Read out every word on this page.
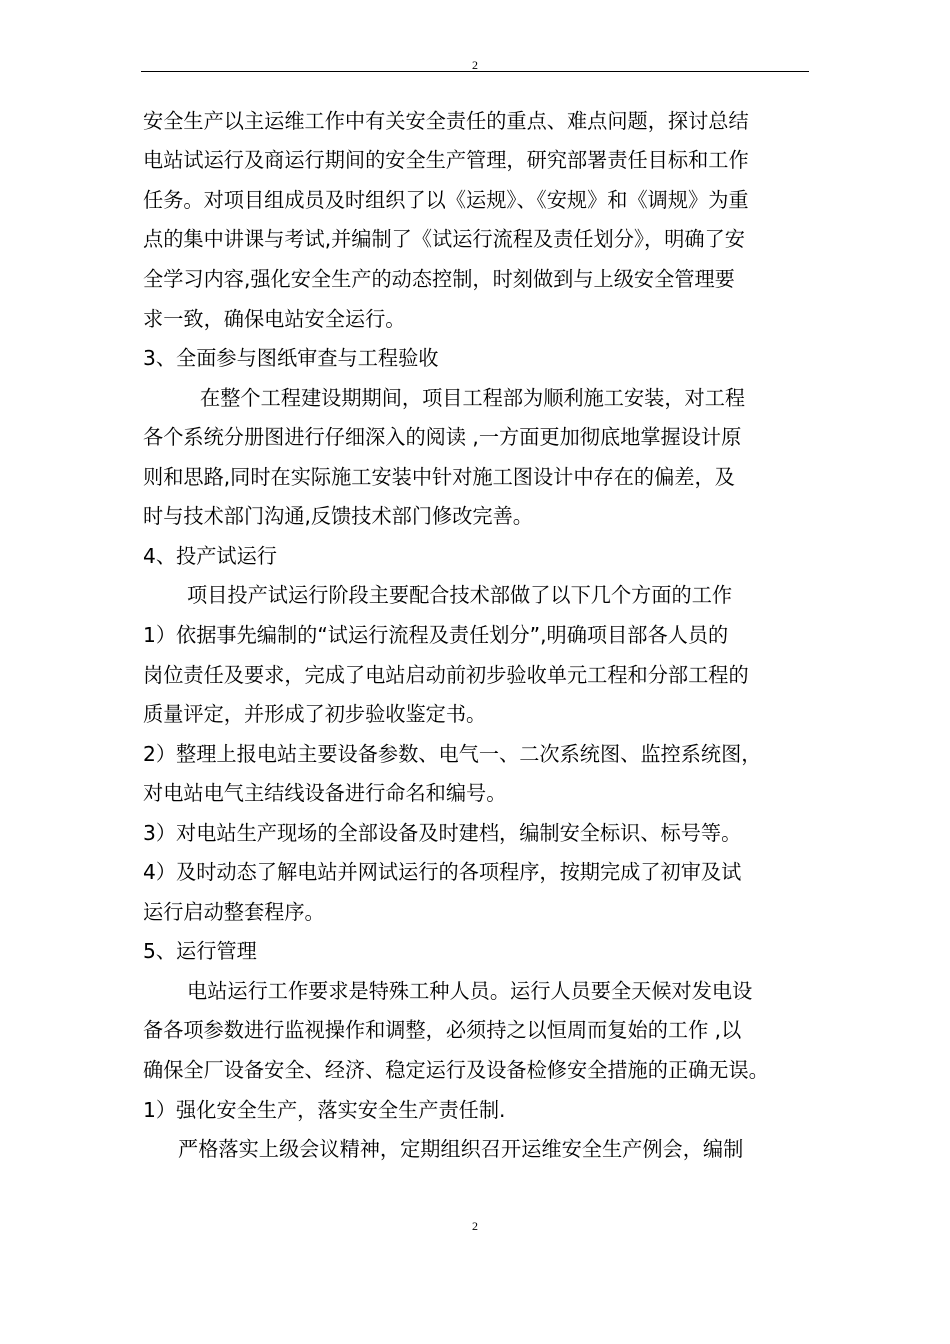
2
安全生产以主运维工作中有关安全责任的重点、难点问题，探讨总结
电站试运行及商运行期间的安全生产管理，研究部署责任目标和工作
任务。对项目组成员及时组织了以《运规》、《安规》和《调规》为重
点的集中讲课与考试,并编制了《试运行流程及责任划分》，明确了安
全学习内容,强化安全生产的动态控制，时刻做到与上级安全管理要
求一致，确保电站安全运行。
3、全面参与图纸审查与工程验收
在整个工程建设期期间，项目工程部为顺利施工安装，对工程
各个系统分册图进行仔细深入的阅读 ,一方面更加彻底地掌握设计原
则和思路,同时在实际施工安装中针对施工图设计中存在的偏差，及
时与技术部门沟通,反馈技术部门修改完善。
4、投产试运行
项目投产试运行阶段主要配合技术部做了以下几个方面的工作
1）依据事先编制的“试运行流程及责任划分”,明确项目部各人员的
岗位责任及要求，完成了电站启动前初步验收单元工程和分部工程的
质量评定，并形成了初步验收鉴定书。
2）整理上报电站主要设备参数、电气一、二次系统图、监控系统图，
对电站电气主结线设备进行命名和编号。
3）对电站生产现场的全部设备及时建档，编制安全标识、标号等。
4）及时动态了解电站并网试运行的各项程序，按期完成了初审及试
运行启动整套程序。
5、运行管理
电站运行工作要求是特殊工种人员。运行人员要全天候对发电设
备各项参数进行监视操作和调整，必须持之以恒周而复始的工作 ,以
确保全厂设备安全、经济、稳定运行及设备检修安全措施的正确无误。
1）强化安全生产，落实安全生产责任制.
严格落实上级会议精神，定期组织召开运维安全生产例会，编制
2
